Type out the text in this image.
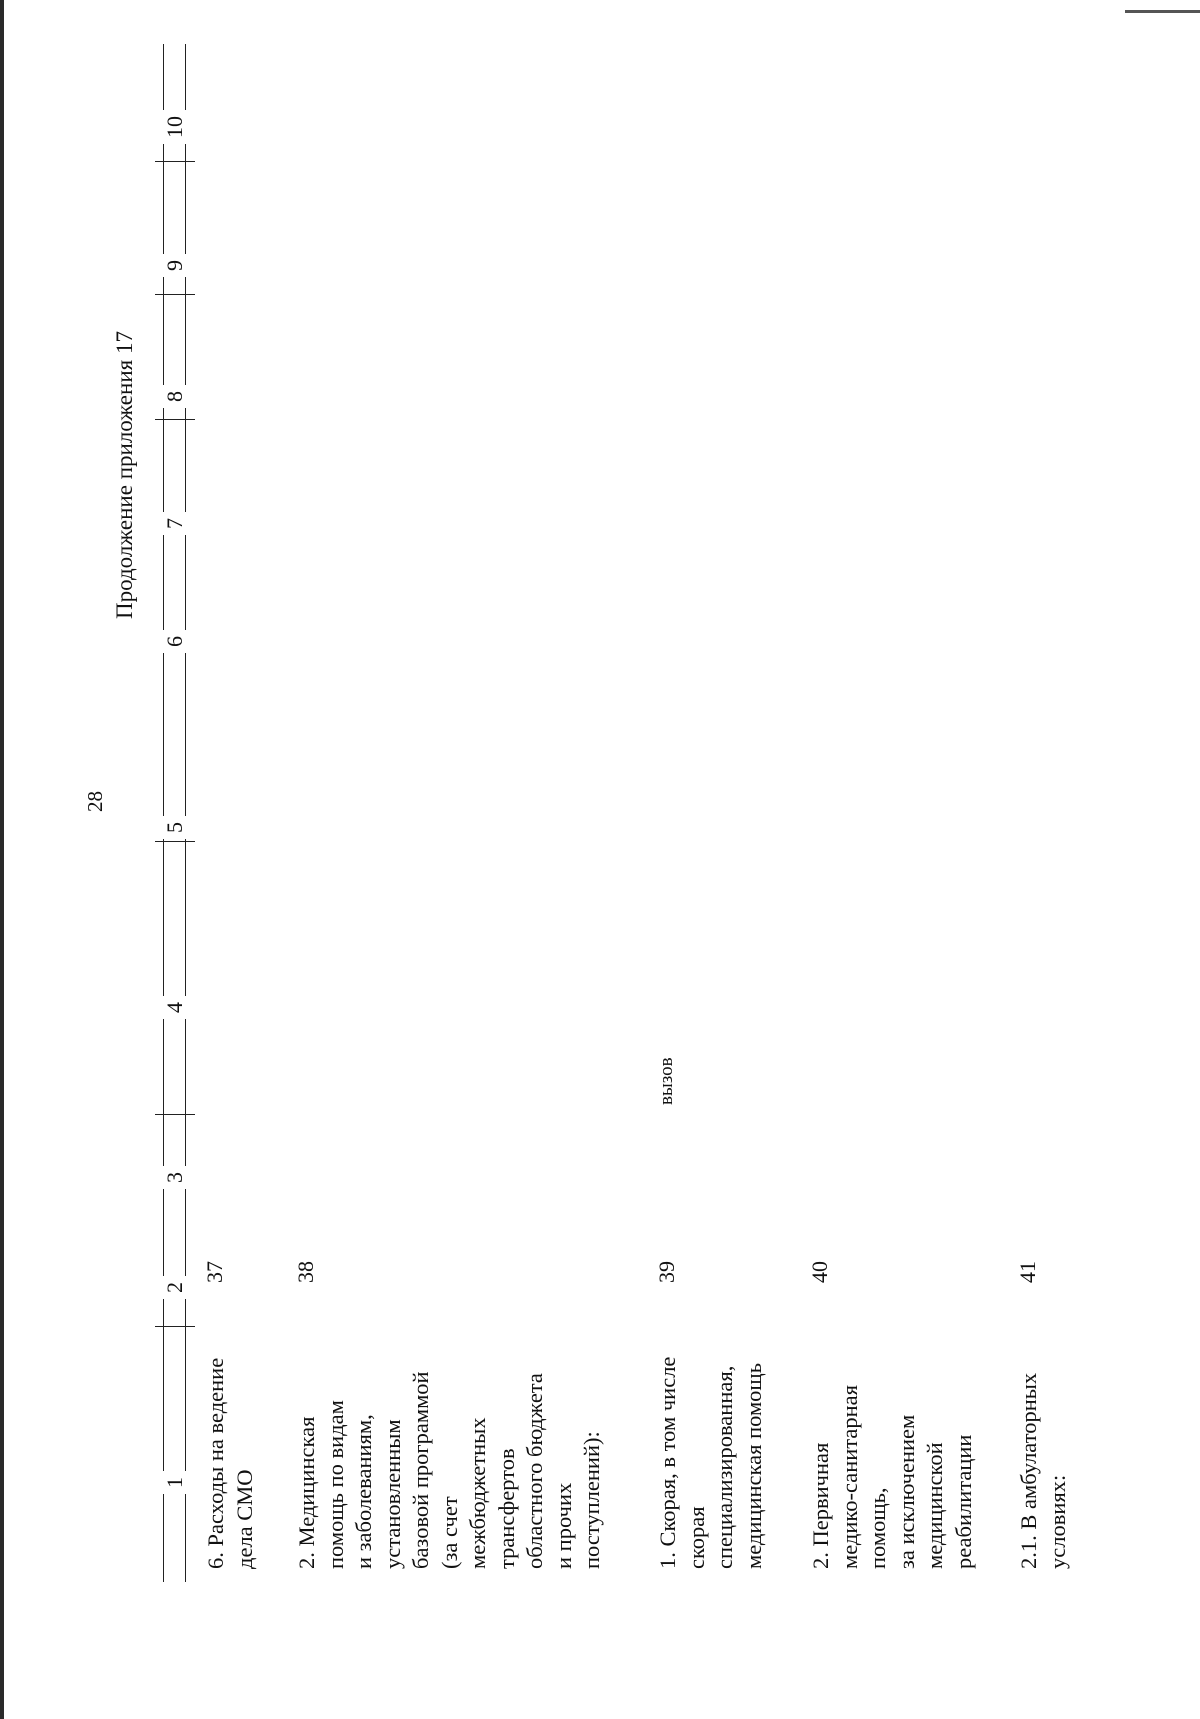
28
Продолжение приложения 17
1
2
3
4
5
6
7
8
9
10
6. Расходы на ведение дела СМО
37
2. Медицинская помощь по видам и заболеваниям, установленным базовой программой (за счет межбюджетных трансфертов областного бюджета и прочих поступлений):
38
1. Скорая, в том числе скорая специализированная, медицинская помощь
39
вызов
2. Первичная медико-санитарная помощь, за исключением медицинской реабилитации
40
2.1. В амбулаторных условиях:
41
